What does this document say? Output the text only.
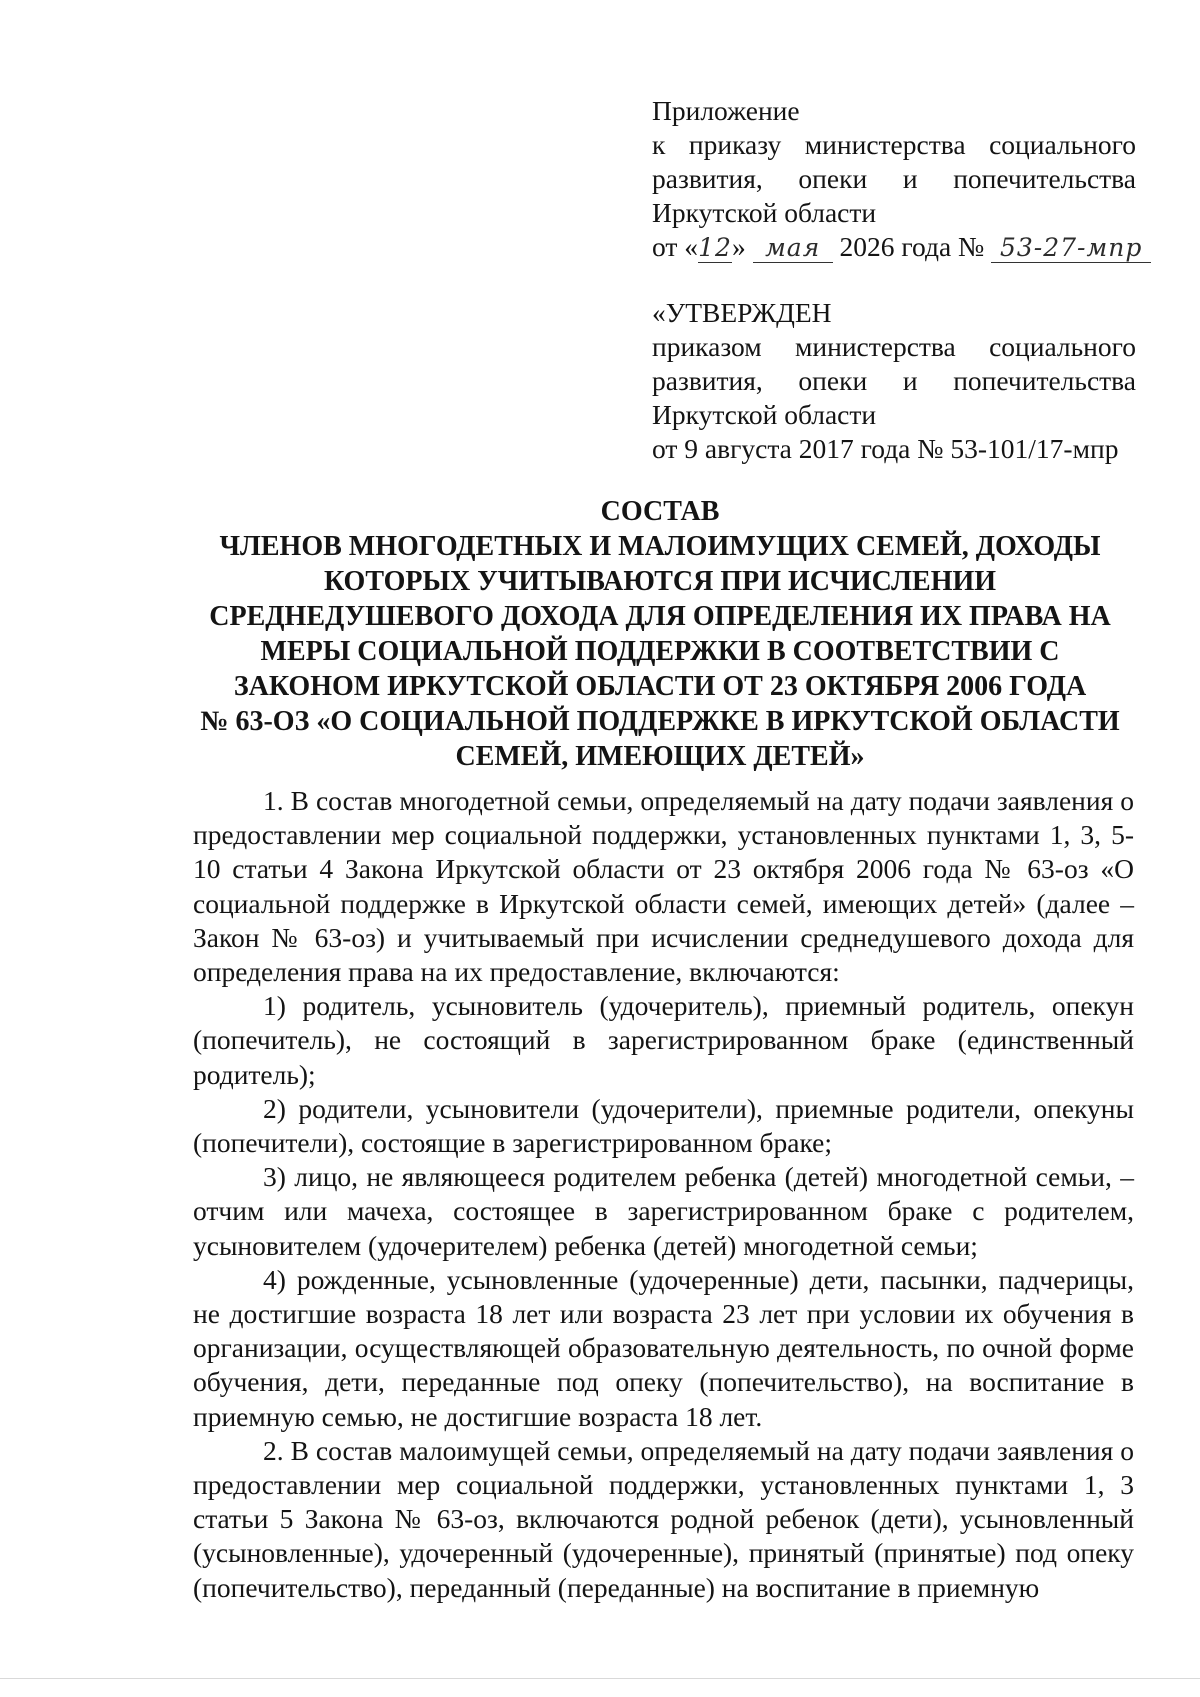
Приложение
к приказу министерства социального
развития, опеки и попечительства
Иркутской области
от «12» мая 2026 года № 53-27-мпр
«УТВЕРЖДЕН
приказом министерства социального
развития, опеки и попечительства
Иркутской области
от 9 августа 2017 года № 53-101/17-мпр
СОСТАВ
ЧЛЕНОВ МНОГОДЕТНЫХ И МАЛОИМУЩИХ СЕМЕЙ, ДОХОДЫ
КОТОРЫХ УЧИТЫВАЮТСЯ ПРИ ИСЧИСЛЕНИИ
СРЕДНЕДУШЕВОГО ДОХОДА ДЛЯ ОПРЕДЕЛЕНИЯ ИХ ПРАВА НА
МЕРЫ СОЦИАЛЬНОЙ ПОДДЕРЖКИ В СООТВЕТСТВИИ С
ЗАКОНОМ ИРКУТСКОЙ ОБЛАСТИ ОТ 23 ОКТЯБРЯ 2006 ГОДА
№ 63-ОЗ «О СОЦИАЛЬНОЙ ПОДДЕРЖКЕ В ИРКУТСКОЙ ОБЛАСТИ
СЕМЕЙ, ИМЕЮЩИХ ДЕТЕЙ»

1. В состав многодетной семьи, определяемый на дату подачи заявления о предоставлении мер социальной поддержки, установленных пунктами 1, 3, 5-10 статьи 4 Закона Иркутской области от 23 октября 2006 года № 63-оз «О социальной поддержке в Иркутской области семей, имеющих детей» (далее – Закон № 63-оз) и учитываемый при исчислении среднедушевого дохода для определения права на их предоставление, включаются:

1) родитель, усыновитель (удочеритель), приемный родитель, опекун (попечитель), не состоящий в зарегистрированном браке (единственный родитель);

2) родители, усыновители (удочерители), приемные родители, опекуны (попечители), состоящие в зарегистрированном браке;

3) лицо, не являющееся родителем ребенка (детей) многодетной семьи, – отчим или мачеха, состоящее в зарегистрированном браке с родителем, усыновителем (удочерителем) ребенка (детей) многодетной семьи;

4) рожденные, усыновленные (удочеренные) дети, пасынки, падчерицы, не достигшие возраста 18 лет или возраста 23 лет при условии их обучения в организации, осуществляющей образовательную деятельность, по очной форме обучения, дети, переданные под опеку (попечительство), на воспитание в приемную семью, не достигшие возраста 18 лет.

2. В состав малоимущей семьи, определяемый на дату подачи заявления о предоставлении мер социальной поддержки, установленных пунктами 1, 3 статьи 5 Закона № 63-оз, включаются родной ребенок (дети), усыновленный (усыновленные), удочеренный (удочеренные), принятый (принятые) под опеку (попечительство), переданный (переданные) на воспитание в приемную
